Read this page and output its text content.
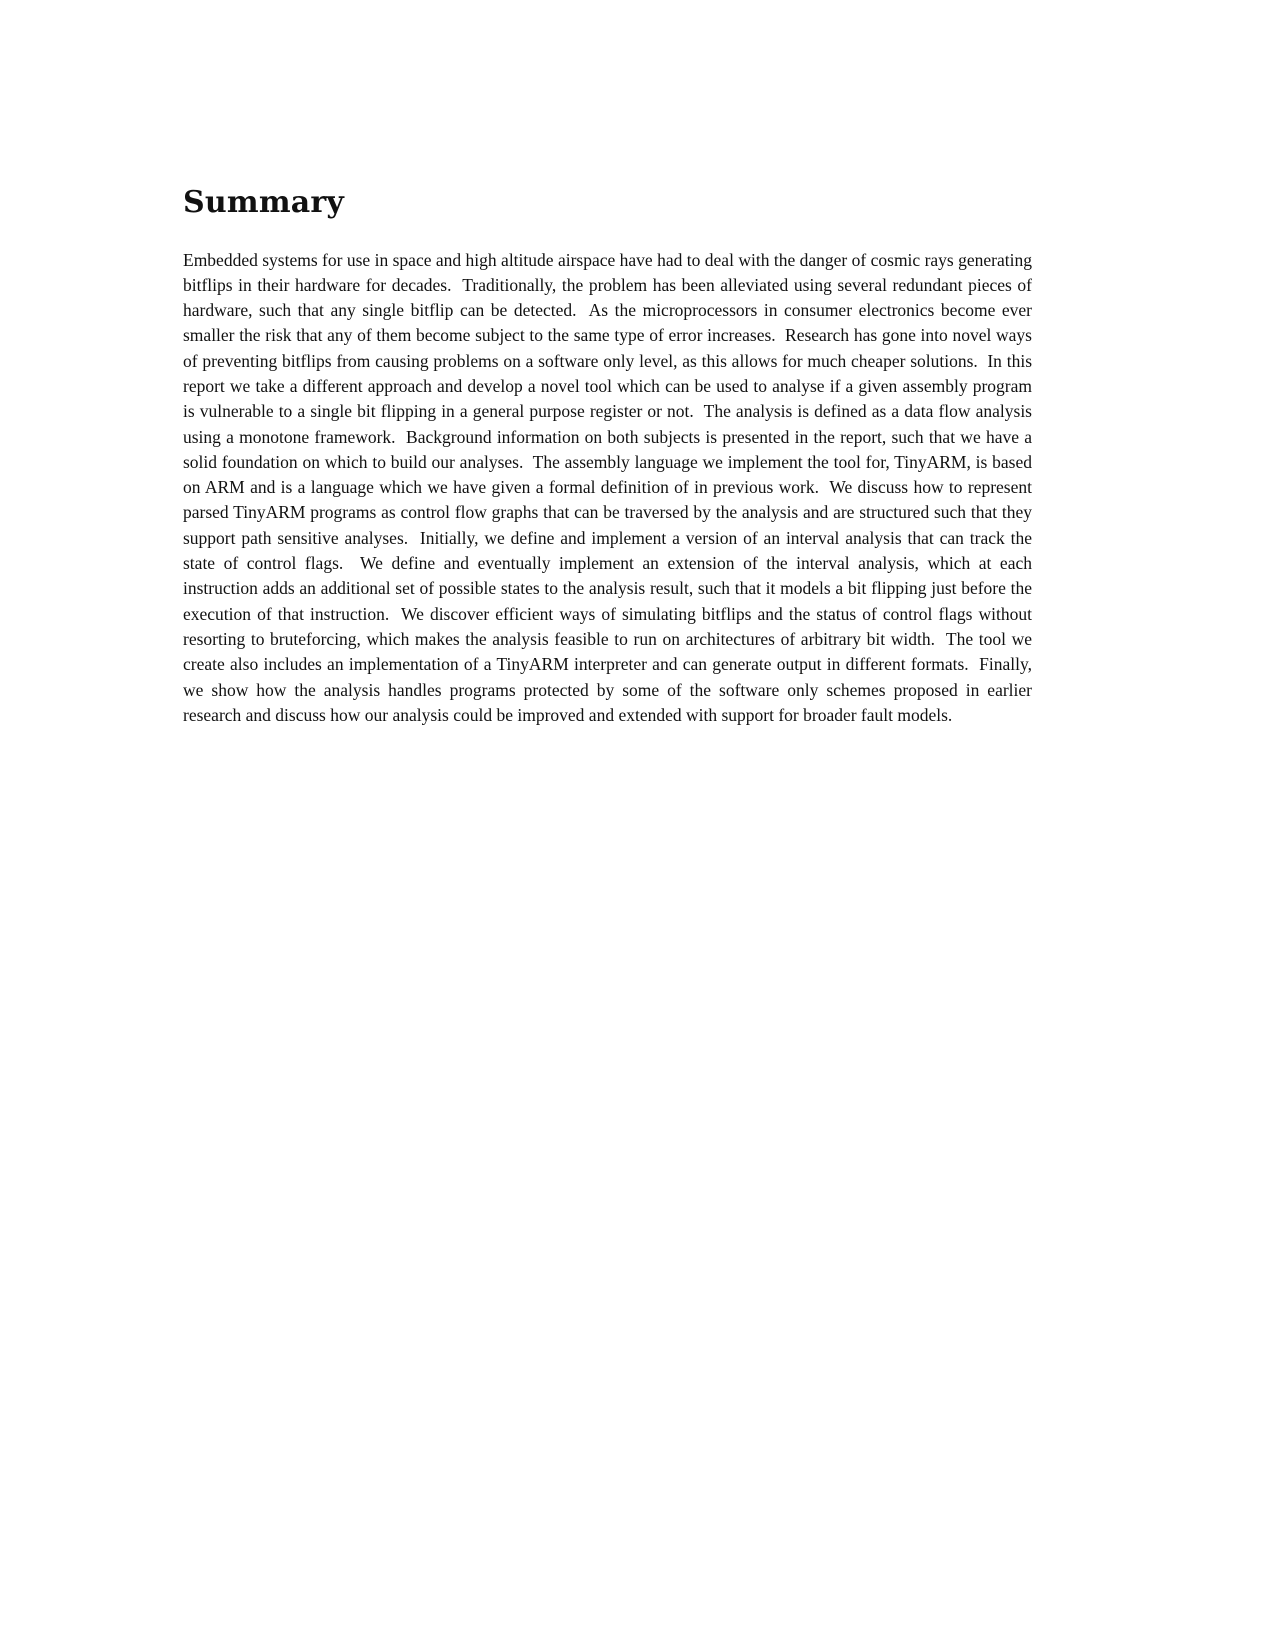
Summary

Embedded systems for use in space and high altitude airspace have had to deal with the danger of cosmic rays generating bitflips in their hardware for decades.  Traditionally, the problem has been alleviated using several redundant pieces of hardware, such that any single bitflip can be detected.  As the microprocessors in consumer electronics become ever smaller the risk that any of them become subject to the same type of error increases.  Research has gone into novel ways of preventing bitflips from causing problems on a software only level, as this allows for much cheaper solutions.  In this report we take a different approach and develop a novel tool which can be used to analyse if a given assembly program is vulnerable to a single bit flipping in a general purpose register or not.  The analysis is defined as a data flow analysis using a monotone framework.  Background information on both subjects is presented in the report, such that we have a solid foundation on which to build our analyses.  The assembly language we implement the tool for, TinyARM, is based on ARM and is a language which we have given a formal definition of in previous work.  We discuss how to represent parsed TinyARM programs as control flow graphs that can be traversed by the analysis and are structured such that they support path sensitive analyses.  Initially, we define and implement a version of an interval analysis that can track the state of control flags.  We define and eventually implement an extension of the interval analysis, which at each instruction adds an additional set of possible states to the analysis result, such that it models a bit flipping just before the execution of that instruction.  We discover efficient ways of simulating bitflips and the status of control flags without resorting to bruteforcing, which makes the analysis feasible to run on architectures of arbitrary bit width.  The tool we create also includes an implementation of a TinyARM interpreter and can generate output in different formats.  Finally, we show how the analysis handles programs protected by some of the software only schemes proposed in earlier research and discuss how our analysis could be improved and extended with support for broader fault models.
